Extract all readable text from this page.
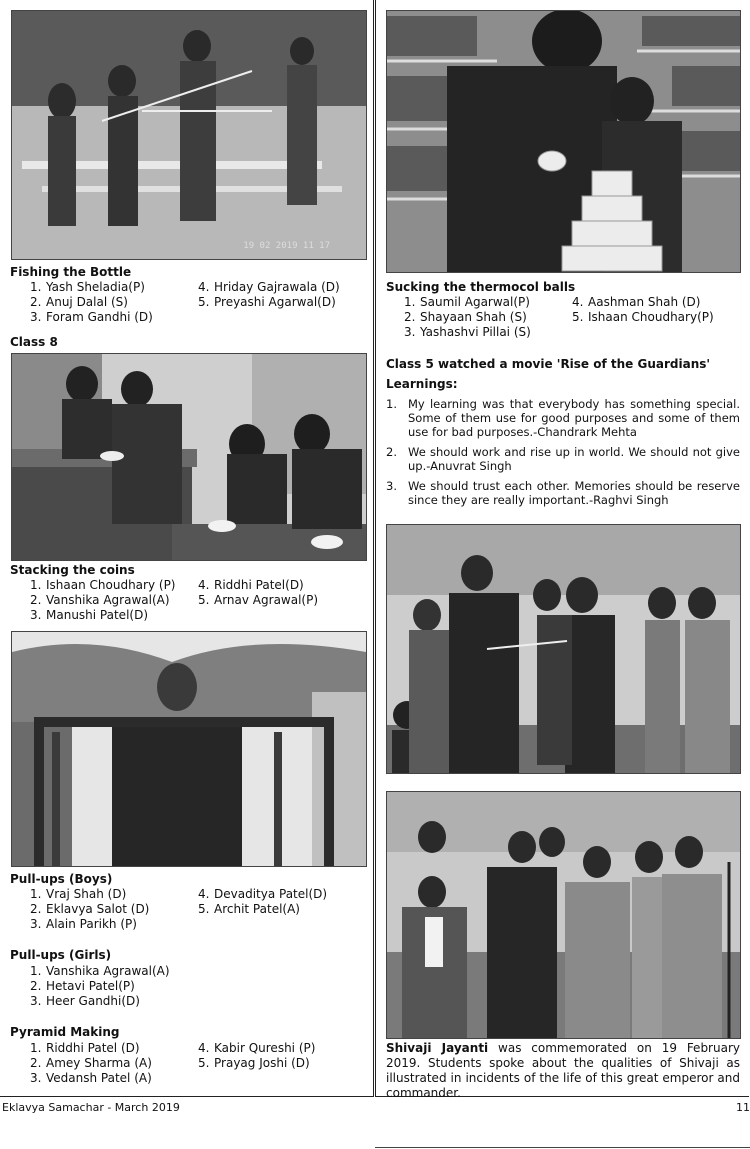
19 02 2019 11 17
Fishing the Bottle
1. Yash Sheladia(P)
2. Anuj Dalal (S)
3. Foram Gandhi (D)
4. Hriday Gajrawala (D)
5. Preyashi Agarwal(D)
Class 8
Stacking the coins
1. Ishaan Choudhary (P)
2. Vanshika Agrawal(A)
3. Manushi Patel(D)
4. Riddhi Patel(D)
5. Arnav Agrawal(P)
Pull-ups (Boys)
1. Vraj Shah (D)
2. Eklavya Salot (D)
3. Alain Parikh (P)
4. Devaditya Patel(D)
5. Archit Patel(A)
Pull-ups (Girls)
1. Vanshika Agrawal(A)
2. Hetavi Patel(P)
3. Heer Gandhi(D)
Pyramid Making
1. Riddhi Patel (D)
2. Amey Sharma (A)
3. Vedansh Patel (A)
4. Kabir Qureshi (P)
5. Prayag Joshi (D)
Sucking the thermocol balls
1. Saumil Agarwal(P)
2. Shayaan Shah (S)
3. Yashashvi Pillai (S)
4. Aashman Shah (D)
5. Ishaan Choudhary(P)
Class 5 watched a movie 'Rise of the Guardians'
Learnings:
1. My learning was that everybody has something special. Some of them use for good purposes and some of them use for bad purposes.-Chandrark Mehta
2. We should work and rise up in world. We should not give up.-Anuvrat Singh
3. We should trust each other. Memories should be reserve since they are really important.-Raghvi Singh

Shivaji Jayanti was commemorated on 19 February 2019. Students spoke about the qualities of Shivaji as illustrated in incidents of the life of this great emperor and commander.

Eklavya Samachar - March 2019	11
